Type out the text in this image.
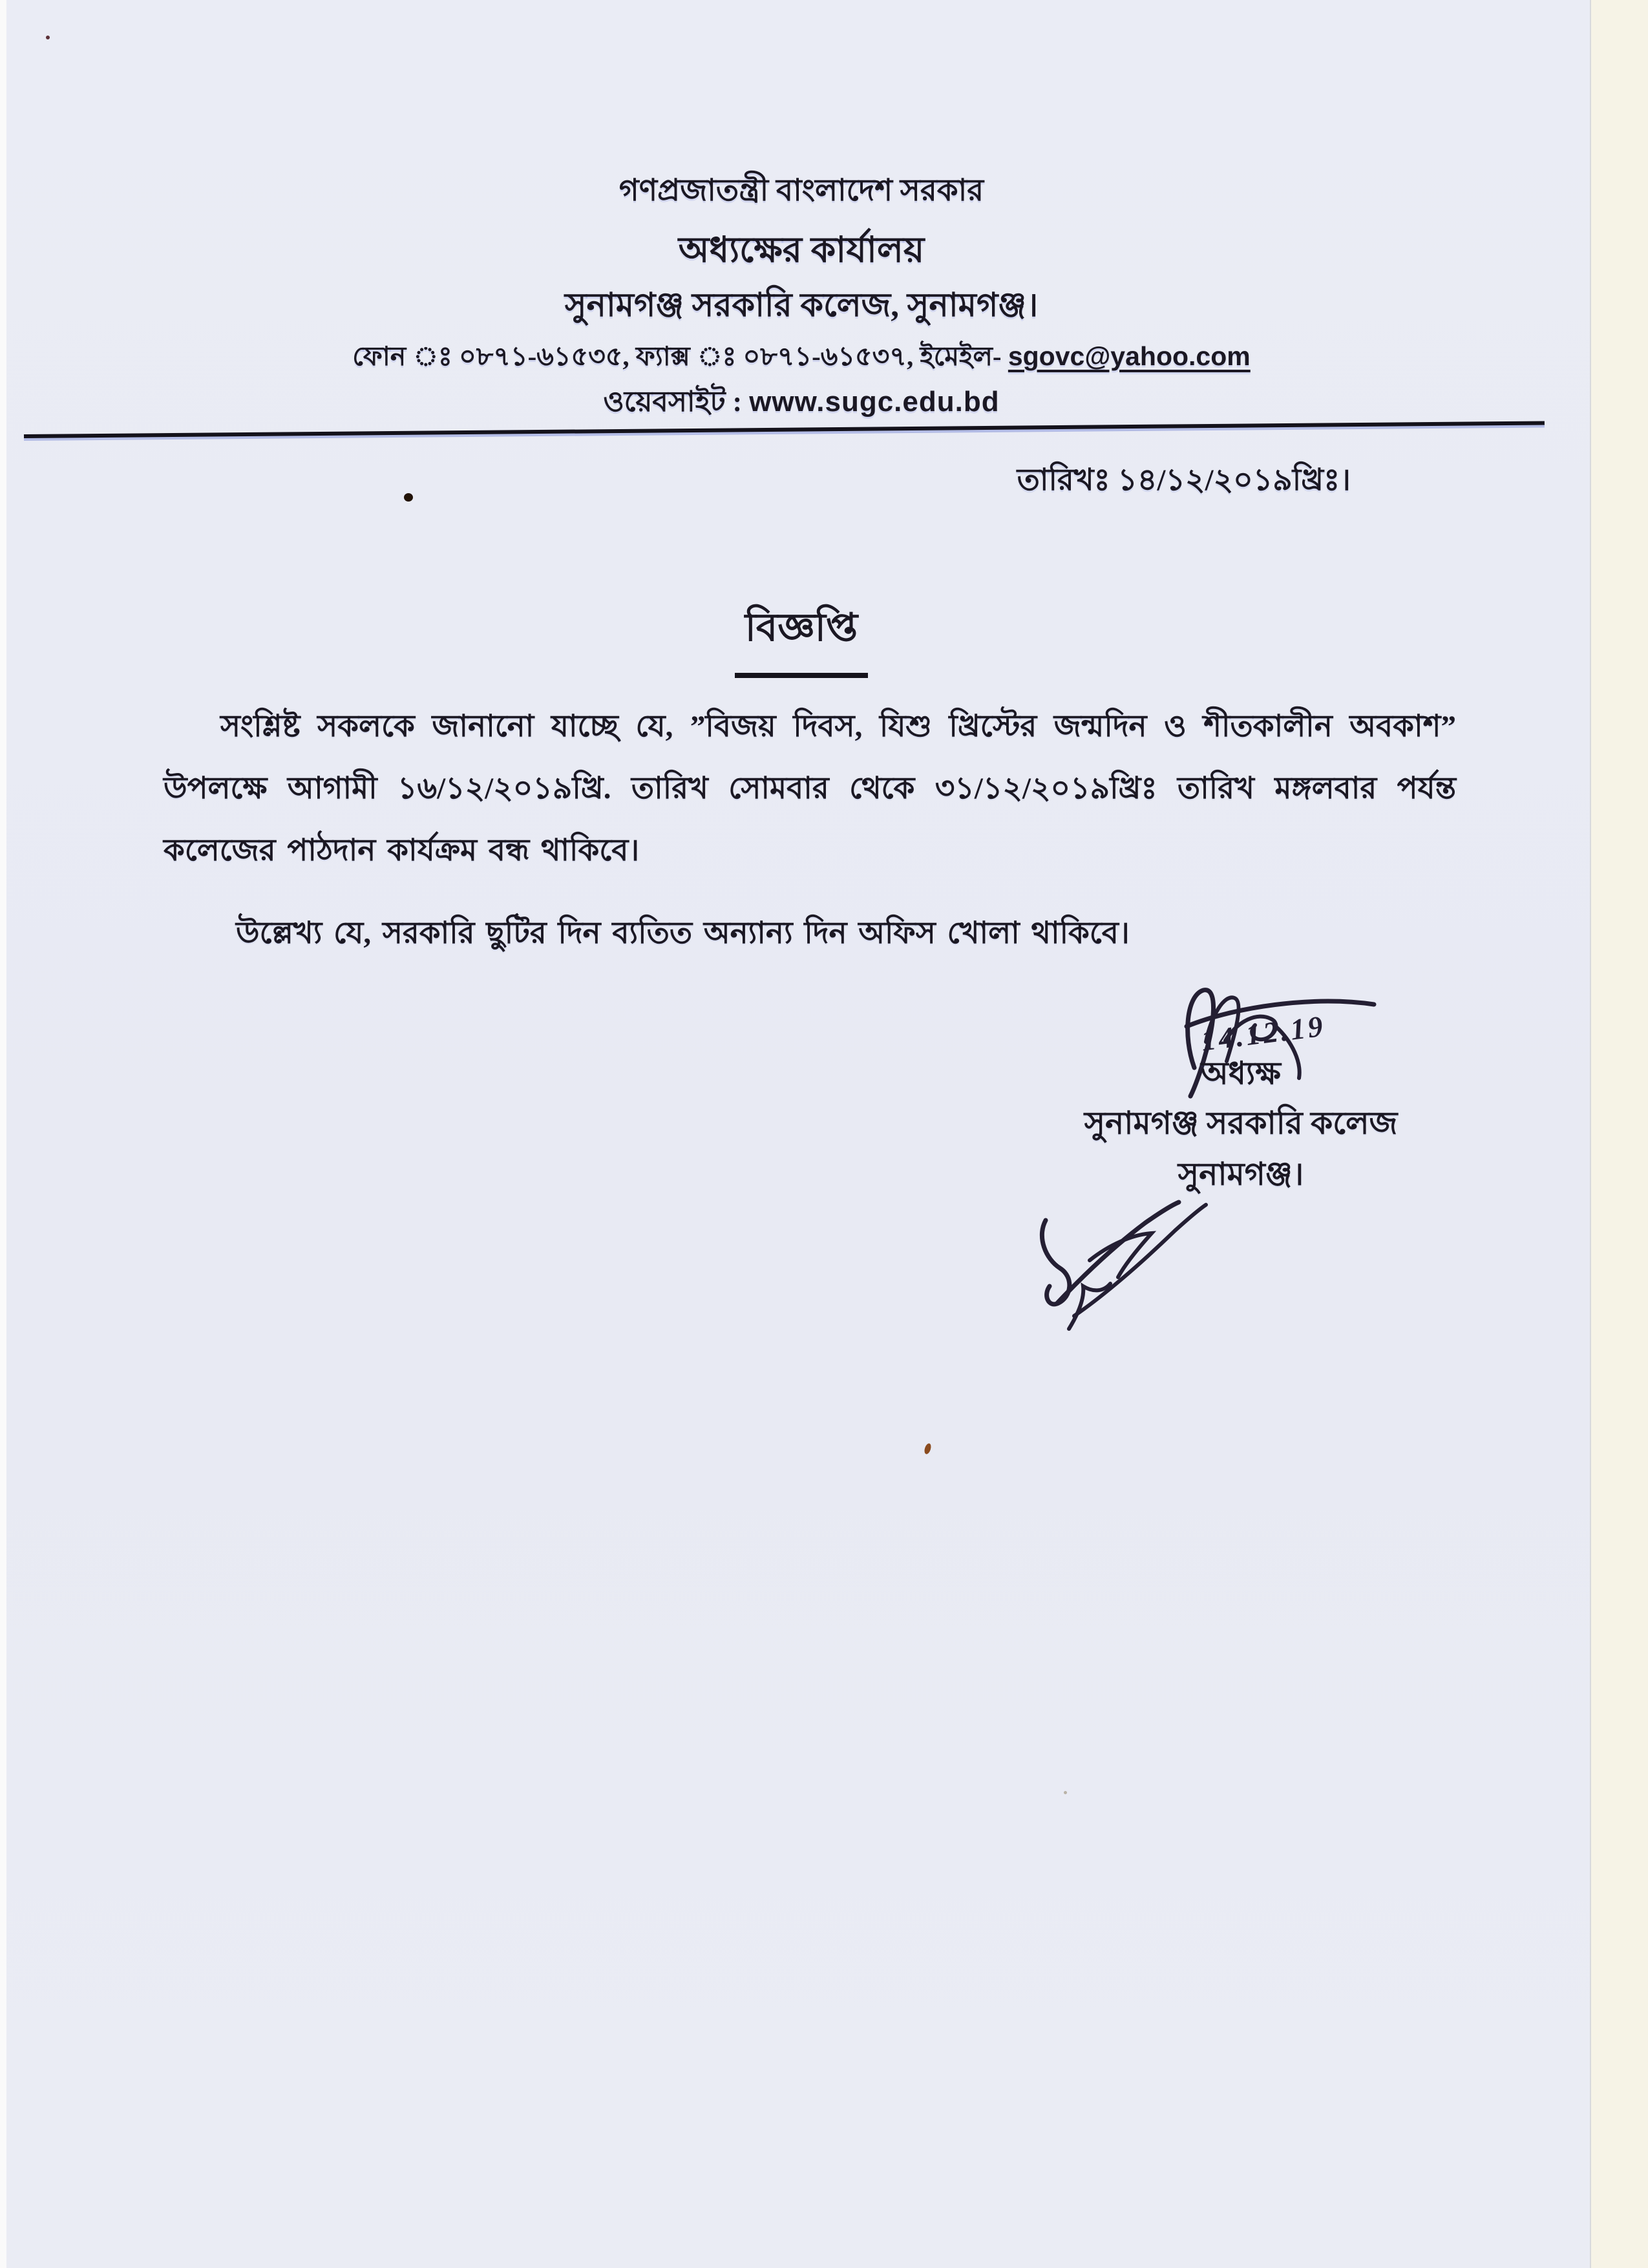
গণপ্রজাতন্ত্রী বাংলাদেশ সরকার
অধ্যক্ষের কার্যালয়
সুনামগঞ্জ সরকারি কলেজ, সুনামগঞ্জ।
ফোন ঃ ০৮৭১-৬১৫৩৫, ফ্যাক্স ঃ ০৮৭১-৬১৫৩৭, ইমেইল- sgovc@yahoo.com
ওয়েবসাইট : www.sugc.edu.bd
তারিখঃ ১৪/১২/২০১৯খ্রিঃ।
বিজ্ঞপ্তি
সংশ্লিষ্ট সকলকে জানানো যাচ্ছে যে, ”বিজয় দিবস, যিশু খ্রিস্টের জন্মদিন ও শীতকালীন অবকাশ” উপলক্ষে আগামী ১৬/১২/২০১৯খ্রি. তারিখ সোমবার থেকে ৩১/১২/২০১৯খ্রিঃ তারিখ মঙ্গলবার পর্যন্ত কলেজের পাঠদান কার্যক্রম বন্ধ থাকিবে।
উল্লেখ্য যে, সরকারি ছুটির দিন ব্যতিত অন্যান্য দিন অফিস খোলা থাকিবে।
14.12.19
অধ্যক্ষ
সুনামগঞ্জ সরকারি কলেজ
সুনামগঞ্জ।
